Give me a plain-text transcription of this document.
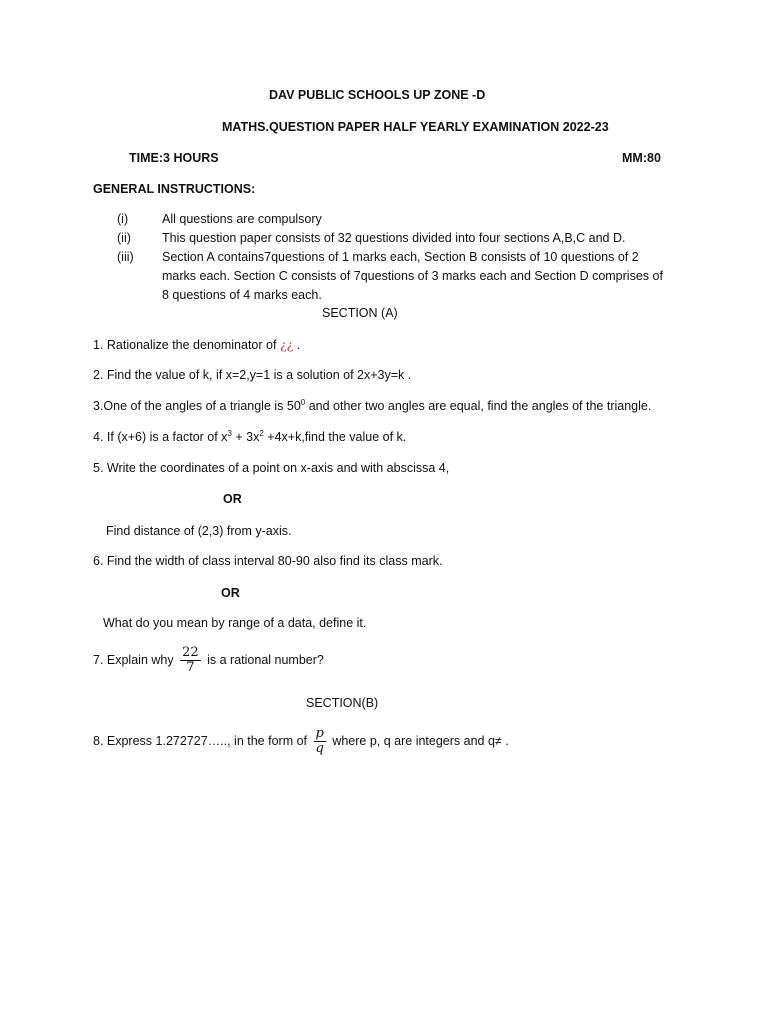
DAV PUBLIC SCHOOLS UP ZONE -D
MATHS.QUESTION PAPER HALF YEARLY EXAMINATION 2022-23
TIME:3 HOURS	MM:80
GENERAL INSTRUCTIONS:
(i)	All questions are compulsory
(ii) This question paper consists of 32 questions divided into four sections A,B,C and D.
(iii) Section A contains7questions of 1 marks each, Section B consists of 10 questions of 2
marks each. Section C consists of 7questions of 3 marks each and Section D comprises of
8 questions of 4 marks each.
SECTION (A)
1. Rationalize the denominator of ¿¿ .
2. Find the value of k, if x=2,y=1 is a solution of 2x+3y=k .
3.One of the angles of a triangle is $50^0$ and other two angles are equal, find the angles of the triangle.
4. If (x+6) is a factor of $x^3 + 3x^2$ +4x+k,find the value of k.
5. Write the coordinates of a point on x-axis and with abscissa 4,
OR
Find distance of (2,3) from y-axis.
6. Find the width of class interval 80-90 also find its class mark.
OR
What do you mean by range of a data, define it.
7. Explain why $\frac{22}{7}$ is a rational number?
SECTION(B)
8. Express 1.272727….., in the form of $\frac{p}{q}$ where p, q are integers and q≠ .
